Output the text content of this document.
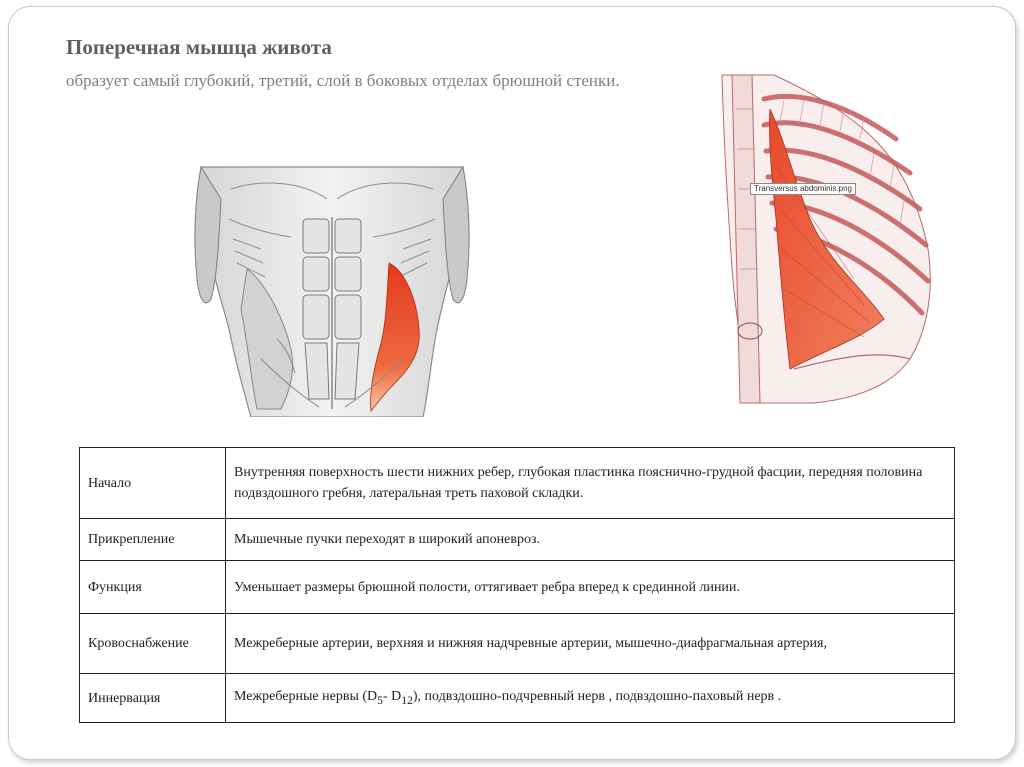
Поперечная мышца живота
образует самый глубокий, третий, слой в боковых отделах брюшной стенки.
Transversus abdominis.png
Начало	Внутренняя поверхность шести нижних ребер, глубокая пластинка пояснично-грудной фасции, передняя половина подвздошного гребня, латеральная треть паховой складки.
Прикрепление	Мышечные пучки переходят в широкий апоневроз.
Функция	Уменьшает размеры брюшной полости, оттягивает ребра вперед к срединной линии.
Кровоснабжение	Межреберные артерии, верхняя и нижняя надчревные артерии, мышечно-диафрагмальная артерия,
Иннервация	Межреберные нервы ($D_5-$ $D_{12}$), подвздошно-подчревный нерв , подвздошно-паховый нерв .
